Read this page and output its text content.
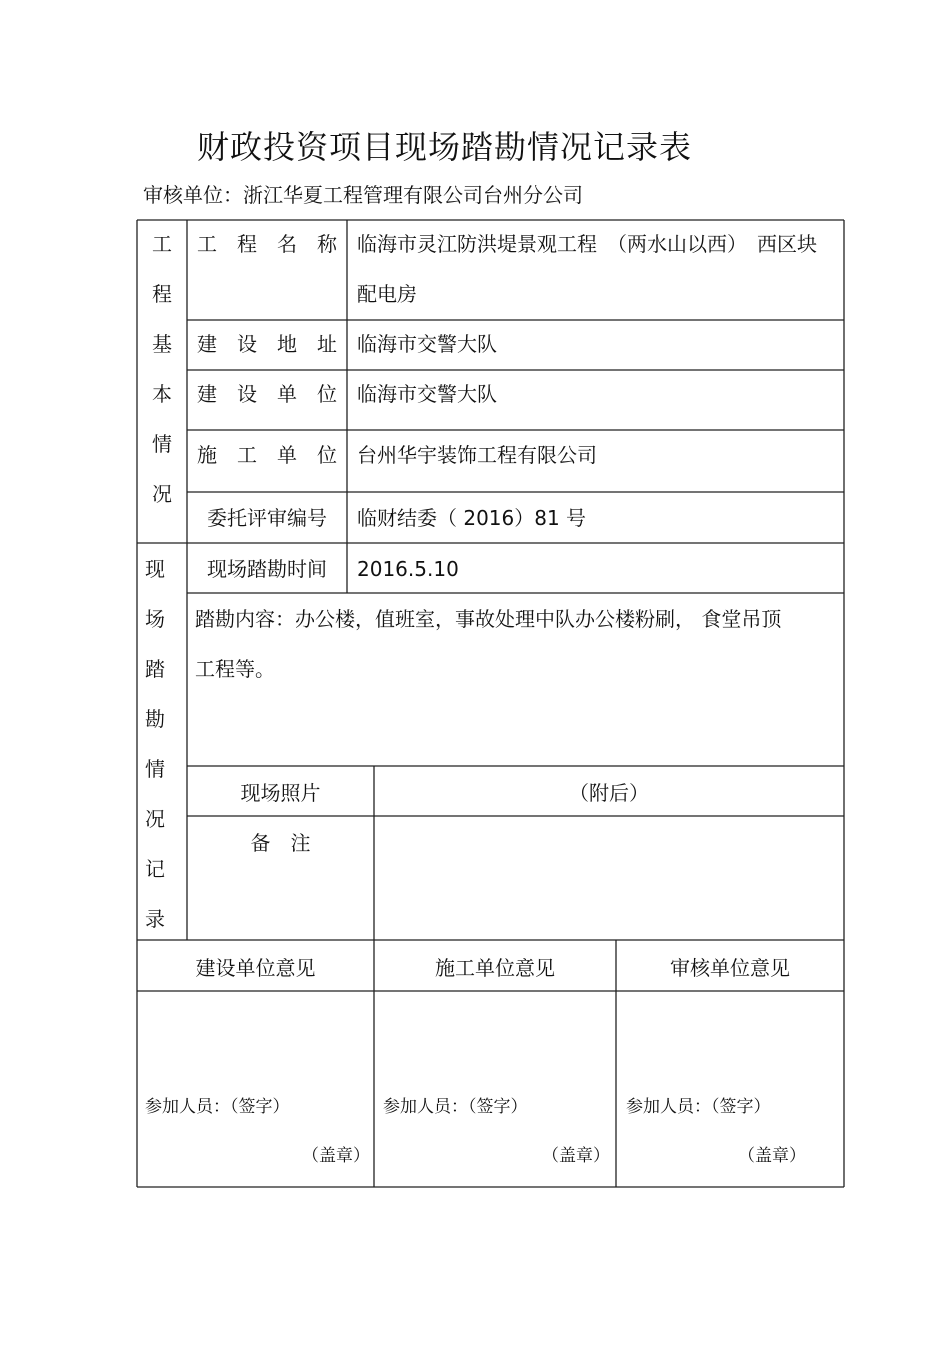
财政投资项目现场踏勘情况记录表
审核单位：浙江华夏工程管理有限公司台州分公司
工
程
基
本
情
况
工　程　名　称	临海市灵江防洪堤景观工程　（两水山以西）　西区块
配电房
建　设　地　址	临海市交警大队
建　设　单　位	临海市交警大队
施　工　单　位	台州华宇装饰工程有限公司
委托评审编号	临财结委（ 2016）81 号
现
场
踏
勘
情
况
记
录
现场踏勘时间	2016.5.10
踏勘内容：办公楼，值班室，事故处理中队办公楼粉刷， 食堂吊顶
工程等。
现场照片	（附后）
备　注
建设单位意见	施工单位意见	审核单位意见
参加人员：（签字）	参加人员：（签字）	参加人员：（签字）
（盖章）	（盖章）	（盖章）
